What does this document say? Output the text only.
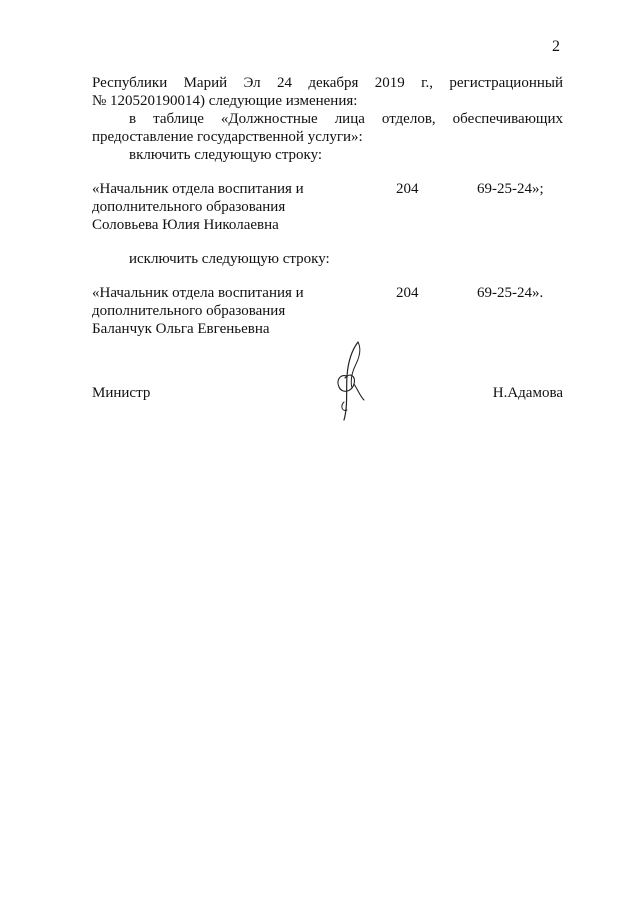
2
Республики Марий Эл 24 декабря 2019 г., регистрационный
№ 120520190014) следующие изменения:
в таблице «Должностные лица отделов, обеспечивающих
предоставление государственной услуги»:
включить следующую строку:
«Начальник отдела воспитания и
дополнительного образования
Соловьева Юлия Николаевна
204	69-25-24»;
исключить следующую строку:
«Начальник отдела воспитания и
дополнительного образования
Баланчук Ольга Евгеньевна
204	69-25-24».
Министр	Н.Адамова
